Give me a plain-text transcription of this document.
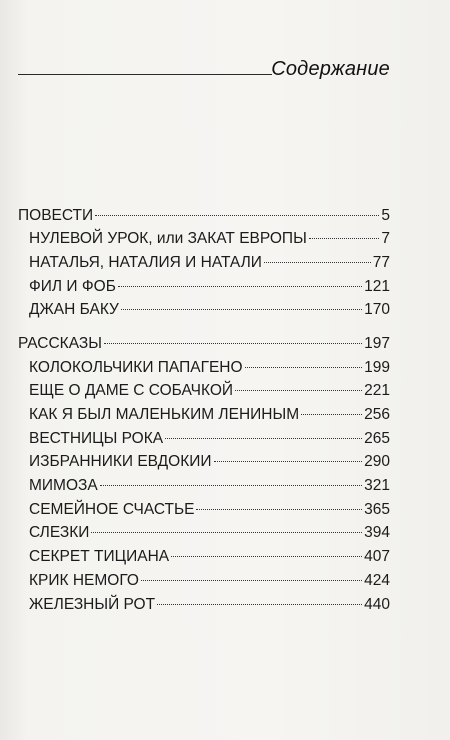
Содержание
ПОВЕСТИ	5
НУЛЕВОЙ УРОК, или ЗАКАТ ЕВРОПЫ	7
НАТАЛЬЯ, НАТАЛИЯ И НАТАЛИ	77
ФИЛ И ФОБ	121
ДЖАН БАКУ	170
РАССКАЗЫ	197
КОЛОКОЛЬЧИКИ ПАПАГЕНО	199
ЕЩЕ О ДАМЕ С СОБАЧКОЙ	221
КАК Я БЫЛ МАЛЕНЬКИМ ЛЕНИНЫМ	256
ВЕСТНИЦЫ РОКА	265
ИЗБРАННИКИ ЕВДОКИИ	290
МИМОЗА	321
СЕМЕЙНОЕ СЧАСТЬЕ	365
СЛЕЗКИ	394
СЕКРЕТ ТИЦИАНА	407
КРИК НЕМОГО	424
ЖЕЛЕЗНЫЙ РОТ	440
